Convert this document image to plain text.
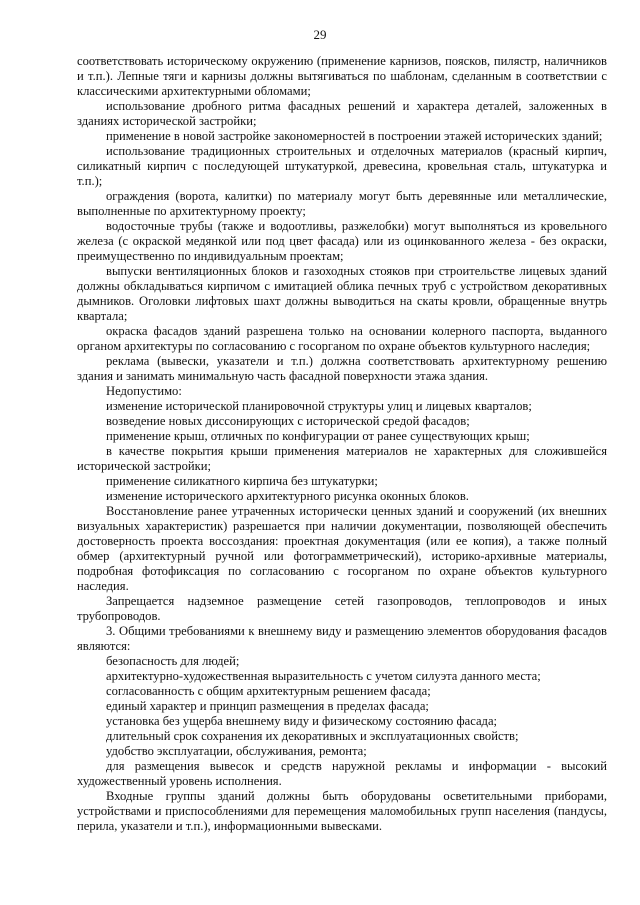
29

соответствовать историческому окружению (применение карнизов, поясков, пилястр, наличников и т.п.). Лепные тяги и карнизы должны вытягиваться по шаблонам, сделанным в соответствии с классическими архитектурными обломами;

использование дробного ритма фасадных решений и характера деталей, заложенных в зданиях исторической застройки;

применение в новой застройке закономерностей в построении этажей исторических зданий;

использование традиционных строительных и отделочных материалов (красный кирпич, силикатный кирпич с последующей штукатуркой, древесина, кровельная сталь, штукатурка и т.п.);

ограждения (ворота, калитки) по материалу могут быть деревянные или металлические, выполненные по архитектурному проекту;

водосточные трубы (также и водоотливы, разжелобки) могут выполняться из кровельного железа (с окраской медянкой или под цвет фасада) или из оцинкованного железа - без окраски, преимущественно по индивидуальным проектам;

выпуски вентиляционных блоков и газоходных стояков при строительстве лицевых зданий должны обкладываться кирпичом с имитацией облика печных труб с устройством декоративных дымников. Оголовки лифтовых шахт должны выводиться на скаты кровли, обращенные внутрь квартала;

окраска фасадов зданий разрешена только на основании колерного паспорта, выданного органом архитектуры по согласованию с госорганом по охране объектов культурного наследия;

реклама (вывески, указатели и т.п.) должна соответствовать архитектурному решению здания и занимать минимальную часть фасадной поверхности этажа здания.

Недопустимо:

изменение исторической планировочной структуры улиц и лицевых кварталов;

возведение новых диссонирующих с исторической средой фасадов;

применение крыш, отличных по конфигурации от ранее существующих крыш;

в качестве покрытия крыши применения материалов не характерных для сложившейся исторической застройки;

применение силикатного кирпича без штукатурки;

изменение исторического архитектурного рисунка оконных блоков.

Восстановление ранее утраченных исторически ценных зданий и сооружений (их внешних визуальных характеристик) разрешается при наличии документации, позволяющей обеспечить достоверность проекта воссоздания: проектная документация (или ее копия), а также полный обмер (архитектурный ручной или фотограмметрический), историко-архивные материалы, подробная фотофиксация по согласованию с госорганом по охране объектов культурного наследия.

Запрещается надземное размещение сетей газопроводов, теплопроводов и иных трубопроводов.

3. Общими требованиями к внешнему виду и размещению элементов оборудования фасадов являются:

безопасность для людей;

архитектурно-художественная выразительность с учетом силуэта данного места;

согласованность с общим архитектурным решением фасада;

единый характер и принцип размещения в пределах фасада;

установка без ущерба внешнему виду и физическому состоянию фасада;

длительный срок сохранения их декоративных и эксплуатационных свойств;

удобство эксплуатации, обслуживания, ремонта;

для размещения вывесок и средств наружной рекламы и информации - высокий художественный уровень исполнения.

Входные группы зданий должны быть оборудованы осветительными приборами, устройствами и приспособлениями для перемещения маломобильных групп населения (пандусы, перила, указатели и т.п.), информационными вывесками.
